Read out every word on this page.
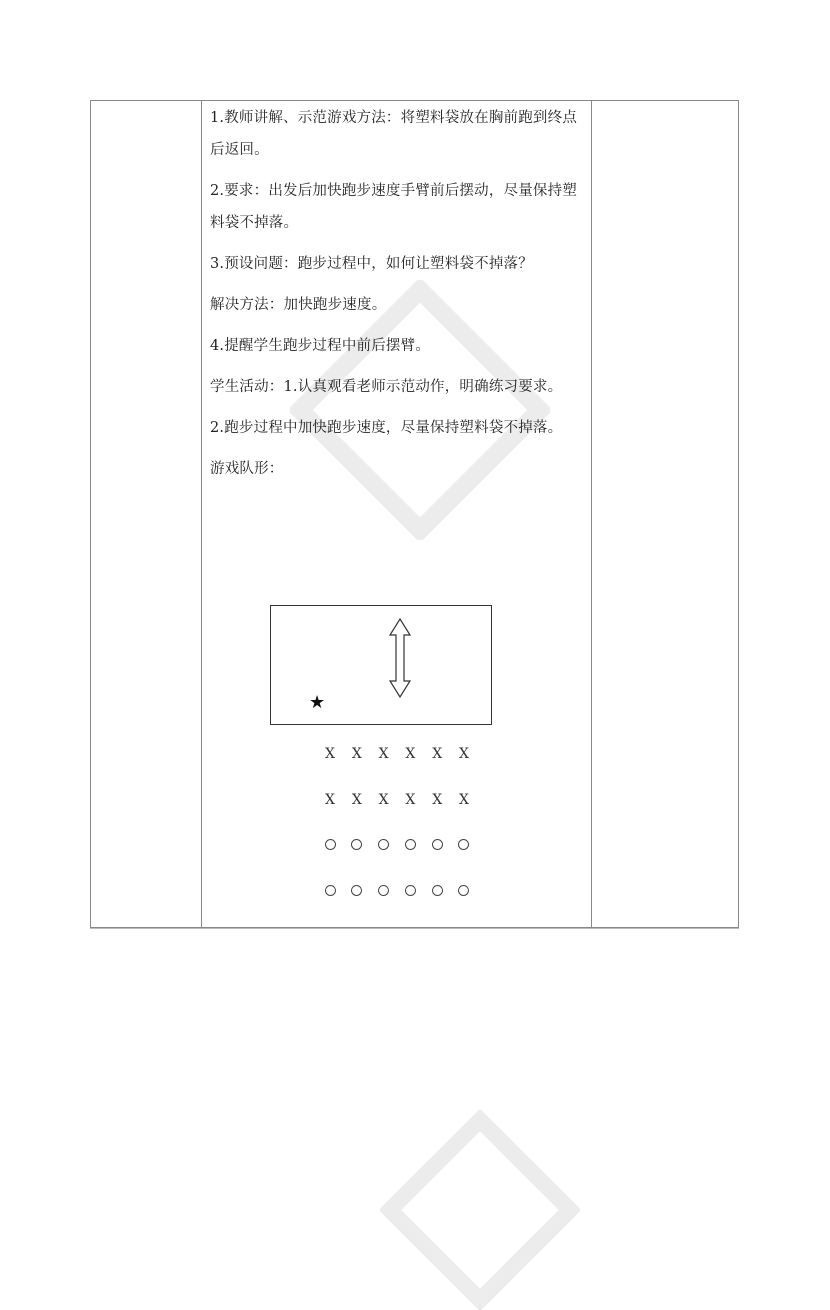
1.教师讲解、示范游戏方法：将塑料袋放在胸前跑到终点后返回。

2.要求：出发后加快跑步速度手臂前后摆动，尽量保持塑料袋不掉落。

3.预设问题：跑步过程中，如何让塑料袋不掉落？

解决方法：加快跑步速度。

4.提醒学生跑步过程中前后摆臂。

学生活动：1.认真观看老师示范动作，明确练习要求。

2.跑步过程中加快跑步速度，尽量保持塑料袋不掉落。

游戏队形：

★
X X X X X X
X X X X X X
